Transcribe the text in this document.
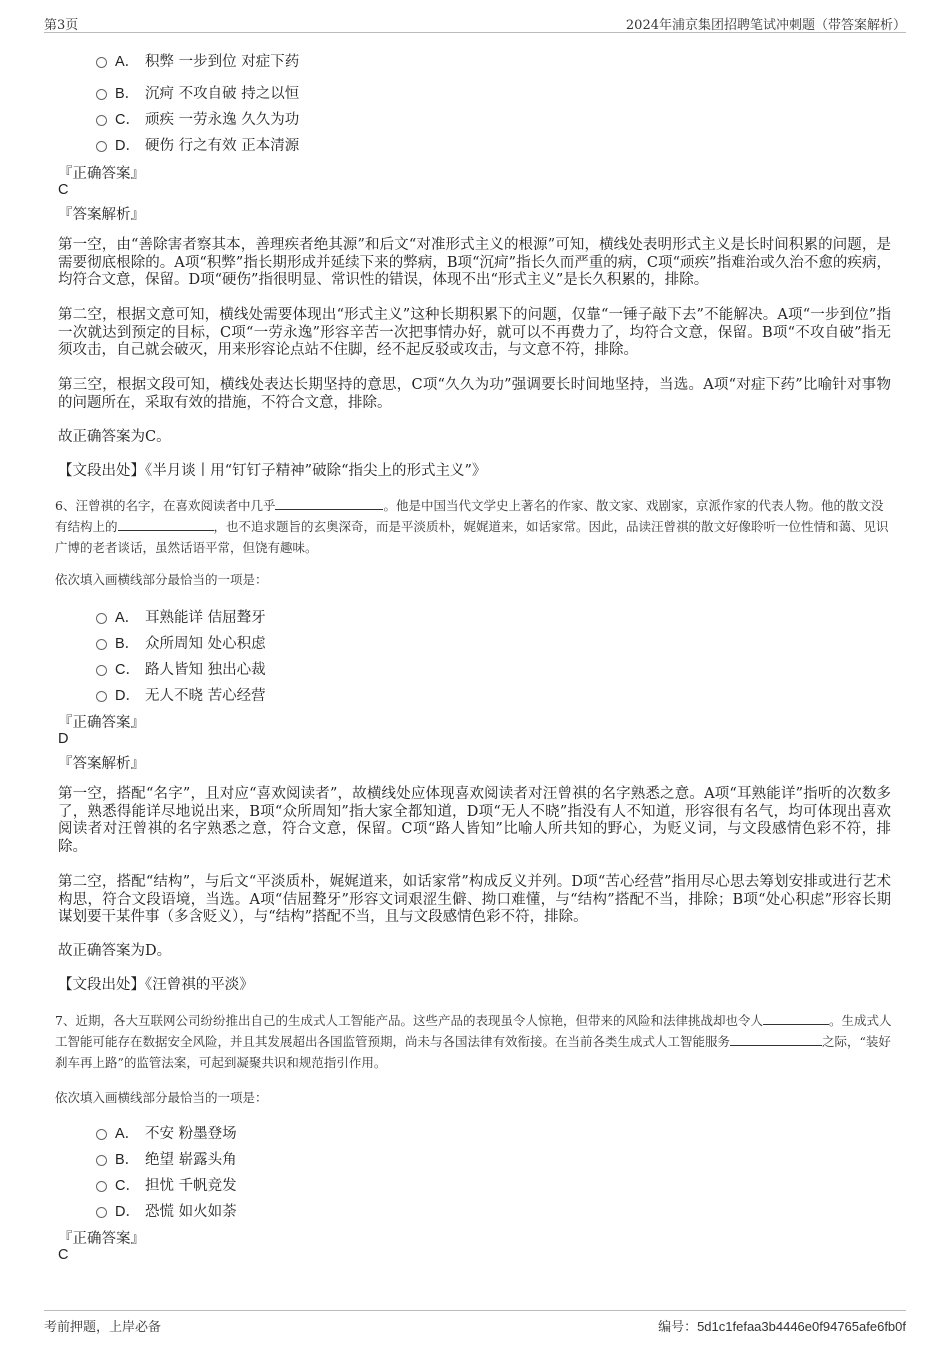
第3页	2024年浦京集团招聘笔试冲刺题（带答案解析）
A． 积弊 一步到位 对症下药
B． 沉疴 不攻自破 持之以恒
C． 顽疾 一劳永逸 久久为功
D． 硬伤 行之有效 正本清源
『正确答案』
C
『答案解析』

第一空，由“善除害者察其本，善理疾者绝其源”和后文“对准形式主义的根源”可知，横线处表明形式主义是长时间积累的问题，是需要彻底根除的。A项“积弊”指长期形成并延续下来的弊病，B项“沉疴”指长久而严重的病，C项“顽疾”指难治或久治不愈的疾病，均符合文意，保留。D项“硬伤”指很明显、常识性的错误，体现不出“形式主义”是长久积累的，排除。

第二空，根据文意可知，横线处需要体现出“形式主义”这种长期积累下的问题，仅靠“一锤子敲下去”不能解决。A项“一步到位”指一次就达到预定的目标，C项“一劳永逸”形容辛苦一次把事情办好，就可以不再费力了，均符合文意，保留。B项“不攻自破”指无须攻击，自己就会破灭，用来形容论点站不住脚，经不起反驳或攻击，与文意不符，排除。

第三空，根据文段可知，横线处表达长期坚持的意思，C项“久久为功”强调要长时间地坚持，当选。A项“对症下药”比喻针对事物的问题所在，采取有效的措施，不符合文意，排除。

故正确答案为C。

【文段出处】《半月谈丨用“钉钉子精神”破除“指尖上的形式主义”》

6、汪曾祺的名字，在喜欢阅读者中几乎	。他是中国当代文学史上著名的作家、散文家、戏剧家，京派作家的代表人物。他的散文没有结构上的	，也不追求题旨的玄奥深奇，而是平淡质朴，娓娓道来，如话家常。因此，品读汪曾祺的散文好像聆听一位性情和蔼、见识广博的老者谈话，虽然话语平常，但饶有趣味。

依次填入画横线部分最恰当的一项是：
A． 耳熟能详 佶屈聱牙
B． 众所周知 处心积虑
C． 路人皆知 独出心裁
D． 无人不晓 苦心经营
『正确答案』
D
『答案解析』

第一空，搭配“名字”，且对应“喜欢阅读者”，故横线处应体现喜欢阅读者对汪曾祺的名字熟悉之意。A项“耳熟能详”指听的次数多了，熟悉得能详尽地说出来，B项“众所周知”指大家全都知道，D项“无人不晓”指没有人不知道，形容很有名气，均可体现出喜欢阅读者对汪曾祺的名字熟悉之意，符合文意，保留。C项“路人皆知”比喻人所共知的野心，为贬义词，与文段感情色彩不符，排除。

第二空，搭配“结构”，与后文“平淡质朴，娓娓道来，如话家常”构成反义并列。D项“苦心经营”指用尽心思去筹划安排或进行艺术构思，符合文段语境，当选。A项“佶屈聱牙”形容文词艰涩生僻、拗口难懂，与“结构”搭配不当，排除；B项“处心积虑”形容长期谋划要干某件事（多含贬义），与“结构”搭配不当，且与文段感情色彩不符，排除。

故正确答案为D。

【文段出处】《汪曾祺的平淡》

7、近期，各大互联网公司纷纷推出自己的生成式人工智能产品。这些产品的表现虽令人惊艳，但带来的风险和法律挑战却也令人	。生成式人工智能可能存在数据安全风险，并且其发展超出各国监管预期，尚未与各国法律有效衔接。在当前各类生成式人工智能服务	之际，“装好刹车再上路”的监管法案，可起到凝聚共识和规范指引作用。

依次填入画横线部分最恰当的一项是：
A． 不安 粉墨登场
B． 绝望 崭露头角
C． 担忧 千帆竞发
D． 恐慌 如火如荼
『正确答案』
C
考前押题，上岸必备	编号：5d1c1fefaa3b4446e0f94765afe6fb0f
